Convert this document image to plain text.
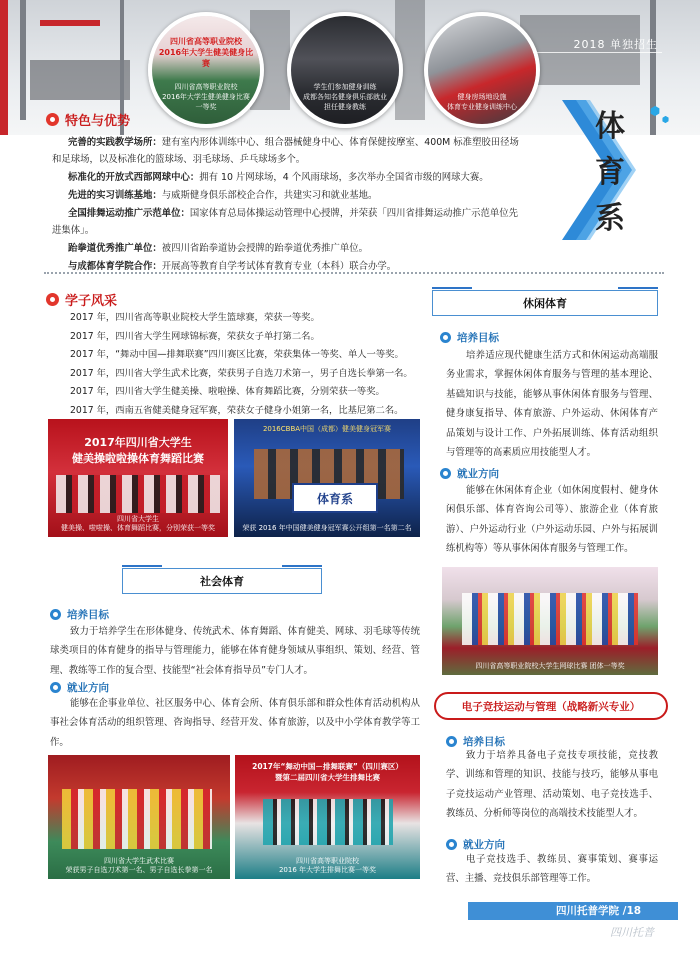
2018 单独招生
四川省高等职业院校
2016年大学生健美健身比赛
四川省高等职业院校
2016年大学生健美健身比赛
一等奖
学生们参加健身训练
成都各知名健身俱乐部就业
担任健身教练
健身房场地设施
体育专业健身训练中心
体
育
系
特色与优势

完善的实践教学场所：建有室内形体训练中心、组合器械健身中心、体育保健按摩室、400M 标准塑胶田径场和足球场，以及标准化的篮球场、羽毛球场、乒乓球场多个。

标准化的开放式西部网球中心：拥有 10 片网球场，4 个风雨球场，多次举办全国省市级的网球大赛。

先进的实习训练基地：与威斯健身俱乐部校企合作，共建实习和就业基地。

全国排舞运动推广示范单位：国家体育总局体操运动管理中心授牌，并荣获「四川省排舞运动推广示范单位先进集体」。

跆拳道优秀推广单位：被四川省跆拳道协会授牌的跆拳道优秀推广单位。

与成都体育学院合作：开展高等教育自学考试体育教育专业（本科）联合办学。

学子风采
2017 年，四川省高等职业院校大学生篮球赛，荣获一等奖。
2017 年，四川省大学生网球锦标赛，荣获女子单打第二名。
2017 年，“舞动中国—排舞联赛”四川赛区比赛，荣获集体一等奖、单人一等奖。
2017 年，四川省大学生武术比赛，荣获男子自选刀术第一，男子自选长拳第一名。
2017 年，四川省大学生健美操、啦啦操、体育舞蹈比赛，分别荣获一等奖。
2017 年，西南五省健美健身冠军赛，荣获女子健身小姐第一名，比基尼第二名。
2017年四川省大学生
健美操啦啦操体育舞蹈比赛
四川省大学生
健美操、啦啦操、体育舞蹈比赛，分别荣获一等奖
2016CBBA中国（成都）健美健身冠军赛
体育系
荣获 2016 年中国健美健身冠军赛公开组第一名第二名
社会体育
培养目标
致力于培养学生在形体健身、传统武术、体育舞蹈、体育健美、网球、羽毛球等传统球类项目的体育健身的指导与管理能力，能够在体育健身领域从事组织、策划、经营、管理、教练等工作的复合型、技能型“社会体育指导员”专门人才。
就业方向
能够在企事业单位、社区服务中心、体育会所、体育俱乐部和群众性体育活动机构从事社会体育活动的组织管理、咨询指导、经营开发、体育旅游，以及中小学体育教学等工作。
四川省大学生武术比赛
荣获男子自选刀术第一名、男子自选长拳第一名
2017年“舞动中国－排舞联赛”（四川赛区）
暨第二届四川省大学生排舞比赛
四川省高等职业院校
2016 年大学生排舞比赛一等奖
休闲体育
培养目标
培养适应现代健康生活方式和休闲运动高端服务业需求，掌握休闲体育服务与管理的基本理论、基础知识与技能，能够从事休闲体育服务与管理、健身康复指导、体育旅游、户外运动、休闲体育产品策划与设计工作、户外拓展训练、体育活动组织与管理等的高素质应用技能型人才。
就业方向
能够在休闲体育企业（如休闲度假村、健身休闲俱乐部、体育咨询公司等）、旅游企业（体育旅游）、户外运动行业（户外运动乐园、户外与拓展训练机构等）等从事休闲体育服务与管理工作。
四川省高等职业院校大学生网球比赛 团体一等奖
电子竞技运动与管理（战略新兴专业）
培养目标
致力于培养具备电子竞技专项技能，竞技教学、训练和管理的知识、技能与技巧，能够从事电子竞技运动产业管理、活动策划、电子竞技选手、教练员、分析师等岗位的高端技术技能型人才。
就业方向
电子竞技选手、教练员、赛事策划、赛事运营、主播、竞技俱乐部管理等工作。
四川托普学院 /18
四川托普
